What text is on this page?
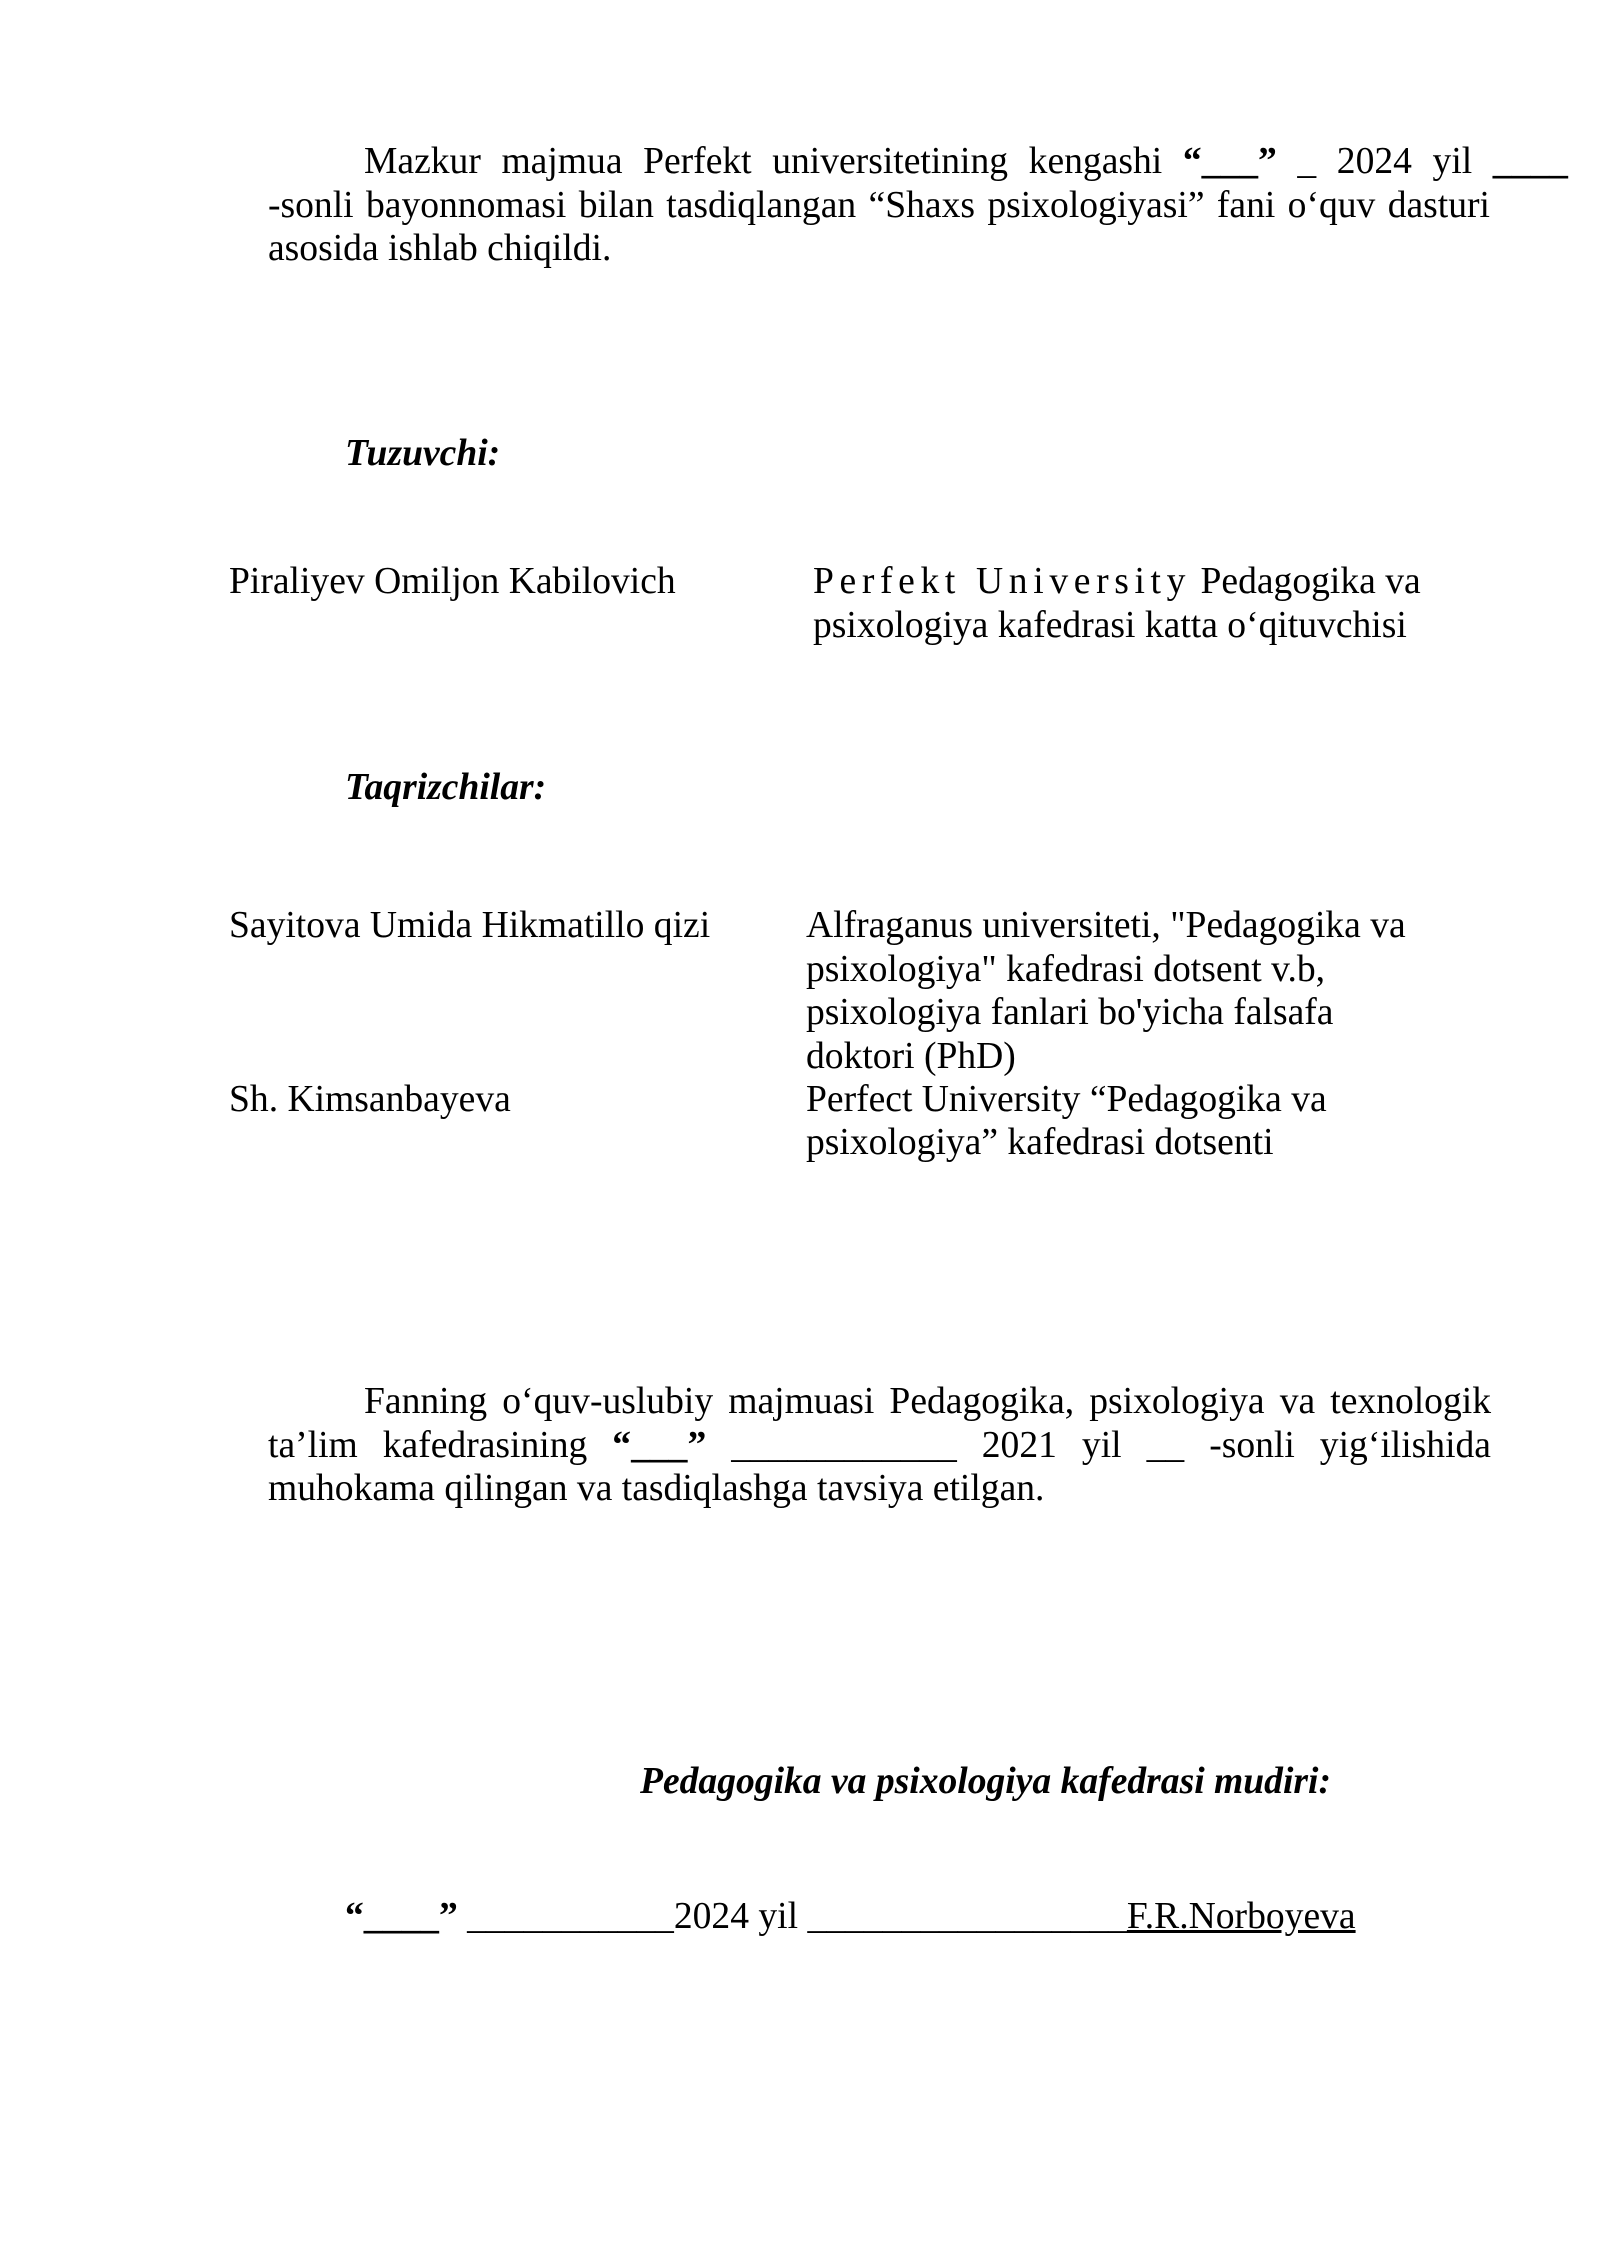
Mazkur majmua Perfekt universitetining kengashi “___” _ 2024 yil ____
-sonli bayonnomasi bilan tasdiqlangan “Shaxs psixologiyasi” fani o‘quv dasturi
asosida ishlab chiqildi.
Tuzuvchi:
Piraliyev Omiljon Kabilovich	Perfekt University Pedagogika va
psixologiya kafedrasi katta o‘qituvchisi
Taqrizchilar:
Sayitova Umida Hikmatillo qizi	Alfraganus universiteti, "Pedagogika va
psixologiya" kafedrasi dotsent v.b,
psixologiya fanlari bo'yicha falsafa
doktori (PhD)
Sh. Kimsanbayeva	Perfect University “Pedagogika va
psixologiya” kafedrasi dotsenti
Fanning o‘quv-uslubiy majmuasi Pedagogika, psixologiya va texnologik
ta’lim kafedrasining “___” ____________ 2021 yil __ -sonli yig‘ilishida
muhokama qilingan va tasdiqlashga tavsiya etilgan.
Pedagogika va psixologiya kafedrasi mudiri:
“____” ___________2024 yil _________________F.R.Norboyeva
